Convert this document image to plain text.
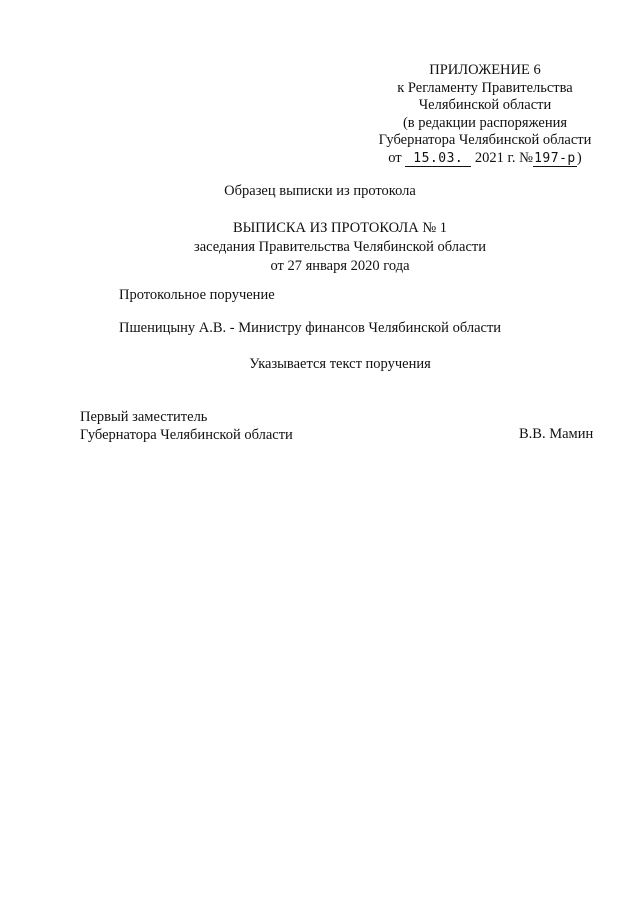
ПРИЛОЖЕНИЕ 6
к Регламенту Правительства
Челябинской области
(в редакции распоряжения
Губернатора Челябинской области
от 15.03. 2021 г. №197-р)
Образец выписки из протокола
ВЫПИСКА ИЗ ПРОТОКОЛА № 1
заседания Правительства Челябинской области
от 27 января 2020 года
Протокольное поручение
Пшеницыну А.В. - Министру финансов Челябинской области
Указывается текст поручения
Первый заместитель
Губернатора Челябинской области	В.В. Мамин
